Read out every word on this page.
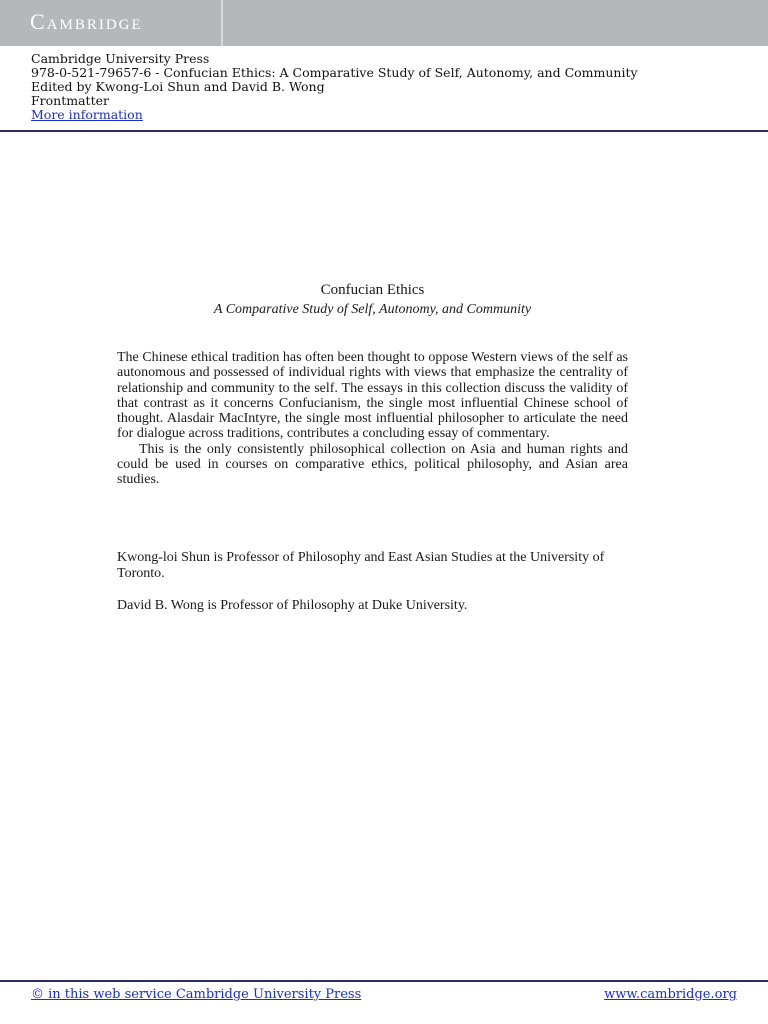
Cambridge
Cambridge University Press
978-0-521-79657-6 - Confucian Ethics: A Comparative Study of Self, Autonomy, and Community
Edited by Kwong-Loi Shun and David B. Wong
Frontmatter
More information
Confucian Ethics
A Comparative Study of Self, Autonomy, and Community

The Chinese ethical tradition has often been thought to oppose Western views of the self as autonomous and possessed of individual rights with views that emphasize the centrality of relationship and community to the self. The essays in this collection discuss the validity of that contrast as it concerns Confucianism, the single most influential Chinese school of thought. Alasdair MacIntyre, the single most influential philosopher to articulate the need for dialogue across traditions, contributes a concluding essay of commentary.

This is the only consistently philosophical collection on Asia and human rights and could be used in courses on comparative ethics, political philosophy, and Asian area studies.

Kwong-loi Shun is Professor of Philosophy and East Asian Studies at the University of Toronto.
David B. Wong is Professor of Philosophy at Duke University.
© in this web service Cambridge University Press	www.cambridge.org
